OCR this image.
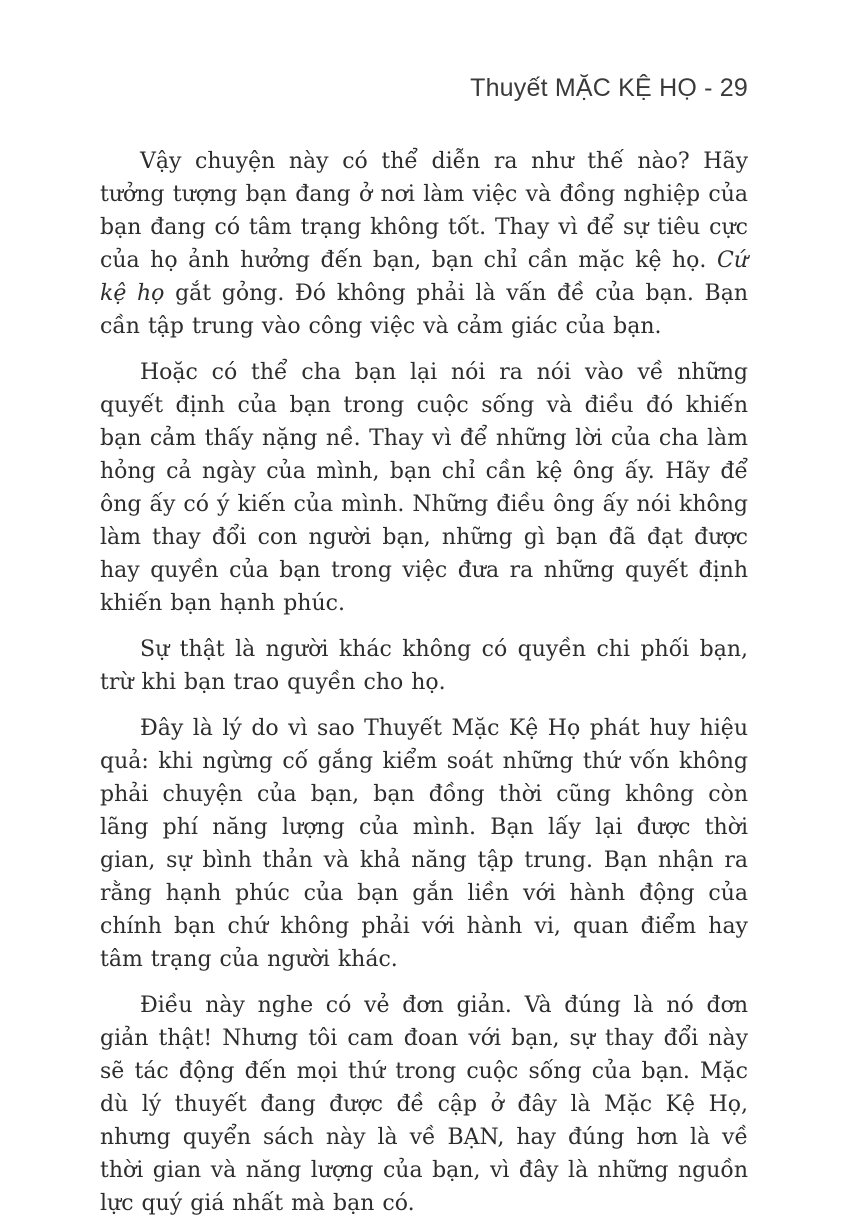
Thuyết MẶC KỆ HỌ - 29

Vậy chuyện này có thể diễn ra như thế nào? Hãy tưởng tượng bạn đang ở nơi làm việc và đồng nghiệp của bạn đang có tâm trạng không tốt. Thay vì để sự tiêu cực của họ ảnh hưởng đến bạn, bạn chỉ cần mặc kệ họ. Cứ kệ họ gắt gỏng. Đó không phải là vấn đề của bạn. Bạn cần tập trung vào công việc và cảm giác của bạn.

Hoặc có thể cha bạn lại nói ra nói vào về những quyết định của bạn trong cuộc sống và điều đó khiến bạn cảm thấy nặng nề. Thay vì để những lời của cha làm hỏng cả ngày của mình, bạn chỉ cần kệ ông ấy. Hãy để ông ấy có ý kiến của mình. Những điều ông ấy nói không làm thay đổi con người bạn, những gì bạn đã đạt được hay quyền của bạn trong việc đưa ra những quyết định khiến bạn hạnh phúc.

Sự thật là người khác không có quyền chi phối bạn, trừ khi bạn trao quyền cho họ.

Đây là lý do vì sao Thuyết Mặc Kệ Họ phát huy hiệu quả: khi ngừng cố gắng kiểm soát những thứ vốn không phải chuyện của bạn, bạn đồng thời cũng không còn lãng phí năng lượng của mình. Bạn lấy lại được thời gian, sự bình thản và khả năng tập trung. Bạn nhận ra rằng hạnh phúc của bạn gắn liền với hành động của chính bạn chứ không phải với hành vi, quan điểm hay tâm trạng của người khác.

Điều này nghe có vẻ đơn giản. Và đúng là nó đơn giản thật! Nhưng tôi cam đoan với bạn, sự thay đổi này sẽ tác động đến mọi thứ trong cuộc sống của bạn. Mặc dù lý thuyết đang được đề cập ở đây là Mặc Kệ Họ, nhưng quyển sách này là về BẠN, hay đúng hơn là về thời gian và năng lượng của bạn, vì đây là những nguồn lực quý giá nhất mà bạn có.
